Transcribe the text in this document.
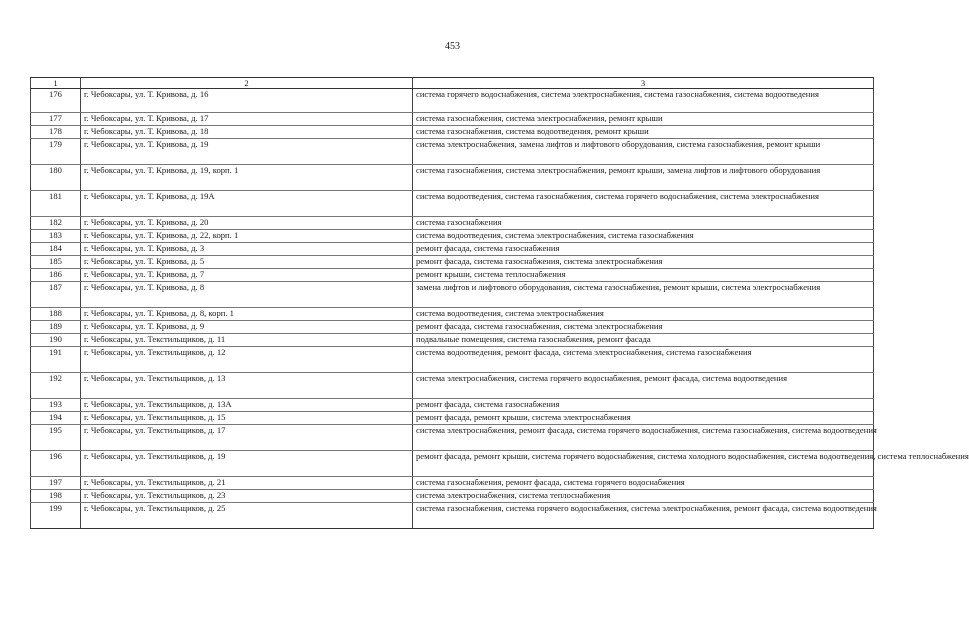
453
1	2	3
176	г. Чебоксары, ул. Т. Кривова, д. 16	система горячего водоснабжения, система электроснабжения, система газоснабжения, система водоотведения
177	г. Чебоксары, ул. Т. Кривова, д. 17	система газоснабжения, система электроснабжения, ремонт крыши
178	г. Чебоксары, ул. Т. Кривова, д. 18	система газоснабжения, система водоотведения, ремонт крыши
179	г. Чебоксары, ул. Т. Кривова, д. 19	система электроснабжения, замена лифтов и лифтового оборудования, система газоснабжения, ремонт крыши
180	г. Чебоксары, ул. Т. Кривова, д. 19, корп. 1	система газоснабжения, система электроснабжения, ремонт крыши, замена лифтов и лифтового оборудования
181	г. Чебоксары, ул. Т. Кривова, д. 19А	система водоотведения, система газоснабжения, система горячего водоснабжения, система электроснабжения
182	г. Чебоксары, ул. Т. Кривова, д. 20	система газоснабжения
183	г. Чебоксары, ул. Т. Кривова, д. 22, корп. 1	система водоотведения, система электроснабжения, система газоснабжения
184	г. Чебоксары, ул. Т. Кривова, д. 3	ремонт фасада, система газоснабжения
185	г. Чебоксары, ул. Т. Кривова, д. 5	ремонт фасада, система газоснабжения, система электроснабжения
186	г. Чебоксары, ул. Т. Кривова, д. 7	ремонт крыши, система теплоснабжения
187	г. Чебоксары, ул. Т. Кривова, д. 8	замена лифтов и лифтового оборудования, система газоснабжения, ремонт крыши, система электроснабжения
188	г. Чебоксары, ул. Т. Кривова, д. 8, корп. 1	система водоотведения, система электроснабжения
189	г. Чебоксары, ул. Т. Кривова, д. 9	ремонт фасада, система газоснабжения, система электроснабжения
190	г. Чебоксары, ул. Текстильщиков, д. 11	подвальные помещения, система газоснабжения, ремонт фасада
191	г. Чебоксары, ул. Текстильщиков, д. 12	система водоотведения, ремонт фасада, система электроснабжения, система газоснабжения
192	г. Чебоксары, ул. Текстильщиков, д. 13	система электроснабжения, система горячего водоснабжения, ремонт фасада, система водоотведения
193	г. Чебоксары, ул. Текстильщиков, д. 13А	ремонт фасада, система газоснабжения
194	г. Чебоксары, ул. Текстильщиков, д. 15	ремонт фасада, ремонт крыши, система электроснабжения
195	г. Чебоксары, ул. Текстильщиков, д. 17	система электроснабжения, ремонт фасада, система горячего водоснабжения, система газоснабжения, система водоотведения
196	г. Чебоксары, ул. Текстильщиков, д. 19	ремонт фасада, ремонт крыши, система горячего водоснабжения, система холодного водоснабжения, система водоотведения, система теплоснабжения
197	г. Чебоксары, ул. Текстильщиков, д. 21	система газоснабжения, ремонт фасада, система горячего водоснабжения
198	г. Чебоксары, ул. Текстильщиков, д. 23	система электроснабжения, система теплоснабжения
199	г. Чебоксары, ул. Текстильщиков, д. 25	система газоснабжения, система горячего водоснабжения, система электроснабжения, ремонт фасада, система водоотведения
